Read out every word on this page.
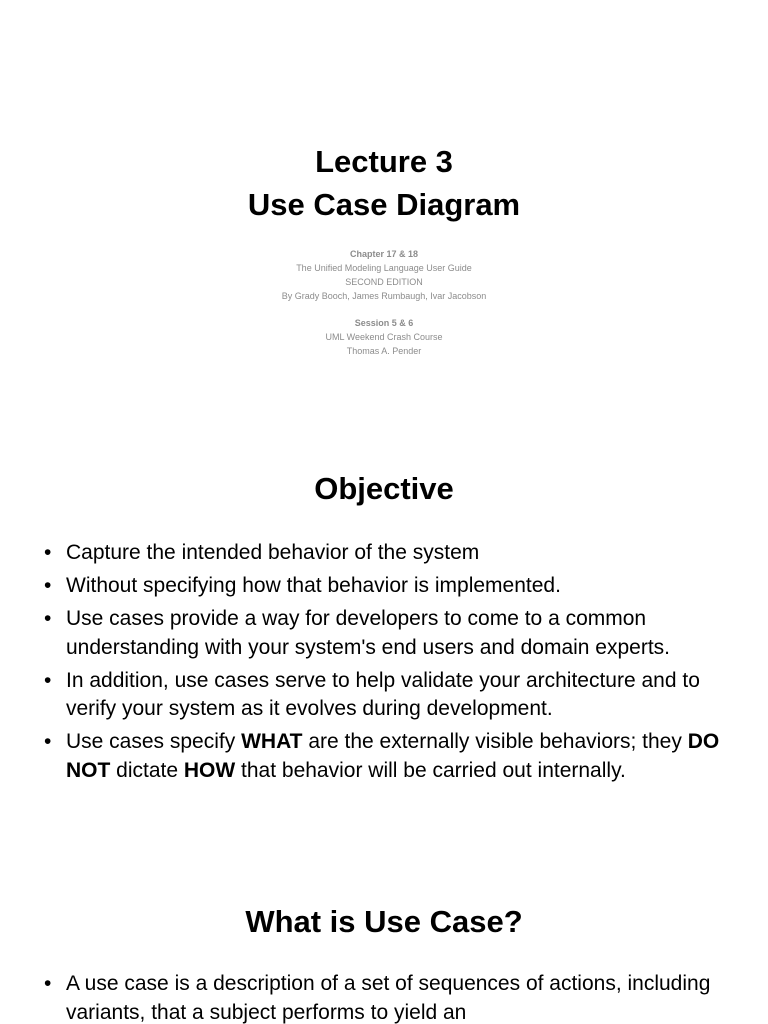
Lecture 3
Use Case Diagram
Chapter 17 & 18
The Unified Modeling Language User Guide
SECOND EDITION
By Grady Booch, James Rumbaugh, Ivar Jacobson
Session 5 & 6
UML Weekend Crash Course
Thomas A. Pender
Objective
• Capture the intended behavior of the system
• Without specifying how that behavior is implemented.
• Use cases provide a way for developers to come to a common understanding with your system's end users and domain experts.
• In addition, use cases serve to help validate your architecture and to verify your system as it evolves during development.
• Use cases specify WHAT are the externally visible behaviors; they DO NOT dictate HOW that behavior will be carried out internally.
What is Use Case?
• A use case is a description of a set of sequences of actions, including variants, that a subject performs to yield an
